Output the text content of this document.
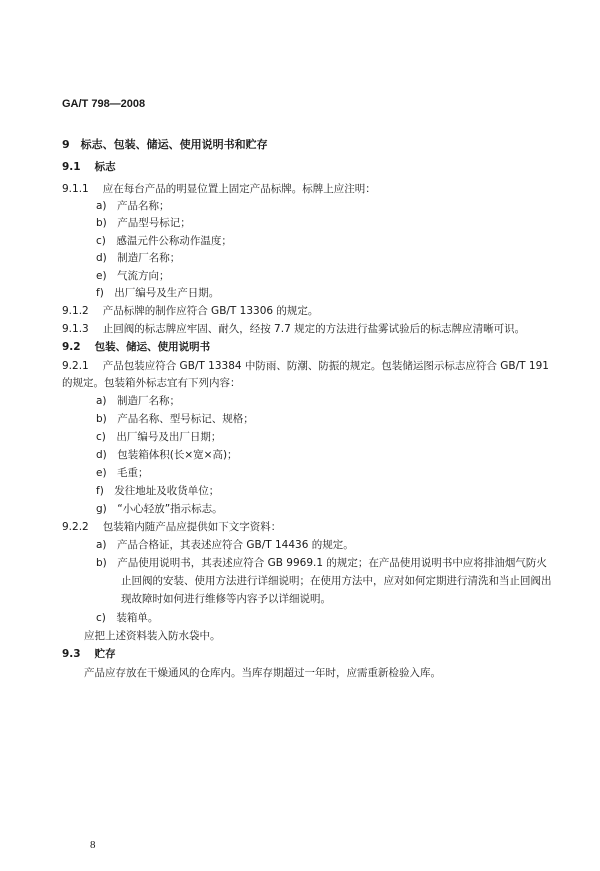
GA/T 798—2008
9　标志、包装、储运、使用说明书和贮存
9.1 标志
9.1.1 应在每台产品的明显位置上固定产品标牌。标牌上应注明：
a)　产品名称；
b)　产品型号标记；
c)　感温元件公称动作温度；
d)　制造厂名称；
e)　气流方向；
f)　出厂编号及生产日期。
9.1.2 产品标牌的制作应符合 GB/T 13306 的规定。
9.1.3 止回阀的标志牌应牢固、耐久，经按 7.7 规定的方法进行盐雾试验后的标志牌应清晰可识。
9.2 包装、储运、使用说明书
9.2.1 产品包装应符合 GB/T 13384 中防雨、防潮、防振的规定。包装储运图示标志应符合 GB/T 191
的规定。包装箱外标志宜有下列内容：
a)　制造厂名称；
b)　产品名称、型号标记、规格；
c)　出厂编号及出厂日期；
d)　包装箱体积(长×宽×高)；
e)　毛重；
f)　发往地址及收货单位；
g)　“小心轻放”指示标志。
9.2.2 包装箱内随产品应提供如下文字资料：
a)　产品合格证，其表述应符合 GB/T 14436 的规定。
b)　产品使用说明书，其表述应符合 GB 9969.1 的规定；在产品使用说明书中应将排油烟气防火
止回阀的安装、使用方法进行详细说明；在使用方法中，应对如何定期进行清洗和当止回阀出
现故障时如何进行维修等内容予以详细说明。
c)　装箱单。
应把上述资料装入防水袋中。
9.3 贮存
产品应存放在干燥通风的仓库内。当库存期超过一年时，应需重新检验入库。
8
